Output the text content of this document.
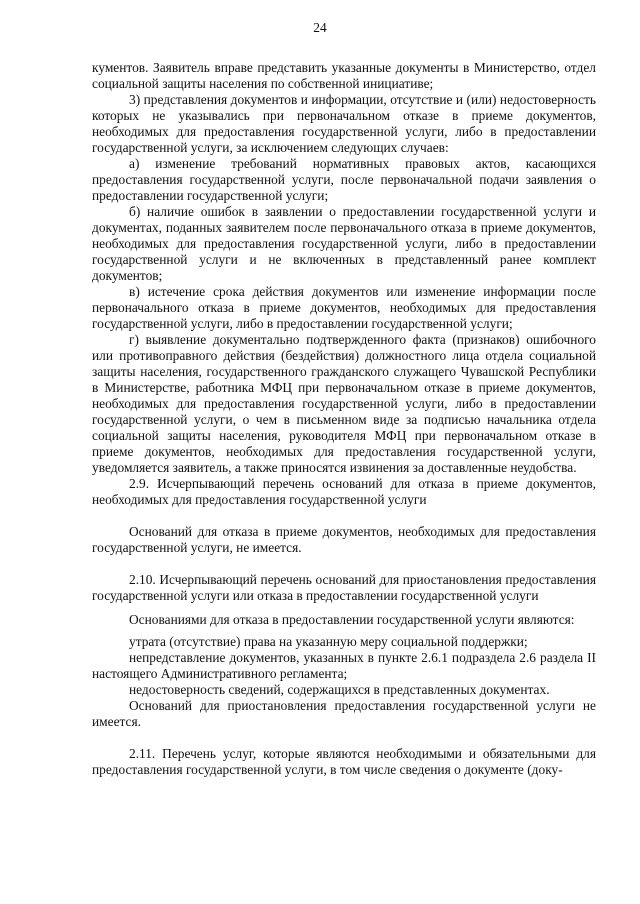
24

кументов. Заявитель вправе представить указанные документы в Министерство, отдел социальной защиты населения по собственной инициативе;

3) представления документов и информации, отсутствие и (или) недостоверность которых не указывались при первоначальном отказе в приеме документов, необходимых для предоставления государственной услуги, либо в предоставлении государственной услуги, за исключением следующих случаев:

а) изменение требований нормативных правовых актов, касающихся предоставления государственной услуги, после первоначальной подачи заявления о предоставлении государственной услуги;

б) наличие ошибок в заявлении о предоставлении государственной услуги и документах, поданных заявителем после первоначального отказа в приеме документов, необходимых для предоставления государственной услуги, либо в предоставлении государственной услуги и не включенных в представленный ранее комплект документов;

в) истечение срока действия документов или изменение информации после первоначального отказа в приеме документов, необходимых для предоставления государственной услуги, либо в предоставлении государственной услуги;

г) выявление документально подтвержденного факта (признаков) ошибочного или противоправного действия (бездействия) должностного лица отдела социальной защиты населения, государственного гражданского служащего Чувашской Республики в Министерстве, работника МФЦ при первоначальном отказе в приеме документов, необходимых для предоставления государственной услуги, либо в предоставлении государственной услуги, о чем в письменном виде за подписью начальника отдела социальной защиты населения, руководителя МФЦ при первоначальном отказе в приеме документов, необходимых для предоставления государственной услуги, уведомляется заявитель, а также приносятся извинения за доставленные неудобства.

2.9. Исчерпывающий перечень оснований для отказа в приеме документов, необходимых для предоставления государственной услуги

Оснований для отказа в приеме документов, необходимых для предоставления государственной услуги, не имеется.

2.10. Исчерпывающий перечень оснований для приостановления предоставления государственной услуги или отказа в предоставлении государственной услуги

Основаниями для отказа в предоставлении государственной услуги являются:

утрата (отсутствие) права на указанную меру социальной поддержки;

непредставление документов, указанных в пункте 2.6.1 подраздела 2.6 раздела II настоящего Административного регламента;

недостоверность сведений, содержащихся в представленных документах.

Оснований для приостановления предоставления государственной услуги не имеется.

2.11. Перечень услуг, которые являются необходимыми и обязательными для предоставления государственной услуги, в том числе сведения о документе (доку-
